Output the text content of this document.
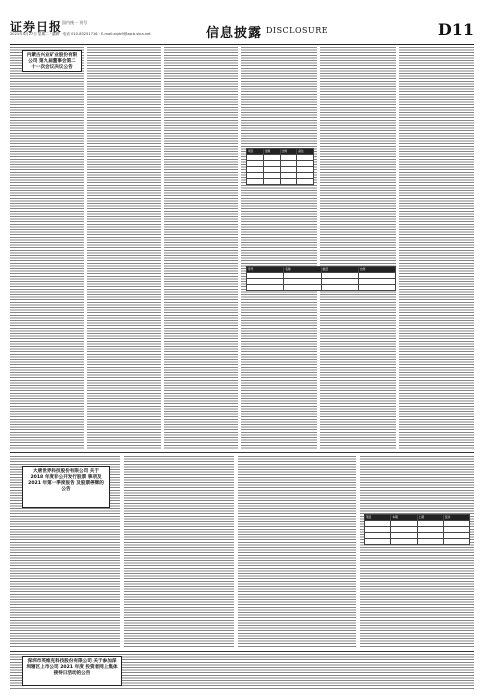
证券日报 国内统一 刊号
2021年4月27日 星期二 · 编辑 · 电话 010-83251716 · E-mail:zqrb9@zqrb.sina.net	信息披露 DISCLOSURE	D11
内蒙古兴业矿业股份有限公司 第九届董事会第二十一次会议决议公告
项目	金额	比例	备注

序号	名称	数量	比例

大唐世界科技股份有限公司 关于 2018 年度非公开发行股票 事项及 2021 年第一季度报告 及股票停牌的公告
项目	本期	上期	变动

深圳市英维克科技股份有限公司 关于参加深圳辖区上市公司 2021 年度 投资者网上集体接待日活动的公告
